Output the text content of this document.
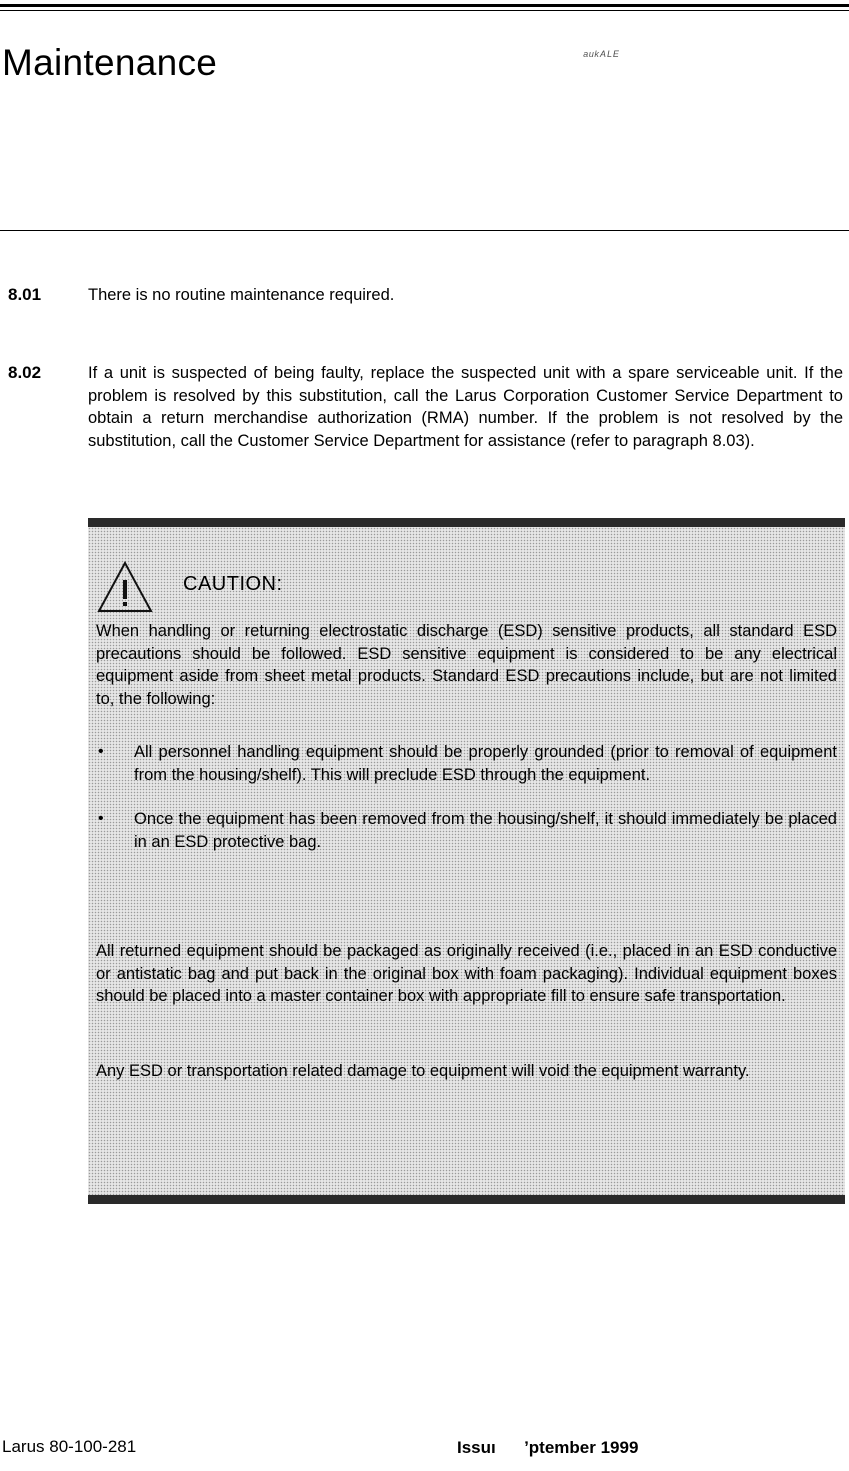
Maintenance	ᵃᵘᵏᴬᴸᴱ
8.01	There is no routine maintenance required.
8.02	If a unit is suspected of being faulty, replace the suspected unit with a spare serviceable unit. If the problem is resolved by this substitution, call the Larus Corporation Customer Service Department to obtain a return merchandise authorization (RMA) number. If the problem is not resolved by the substitution, call the Customer Service Department for assistance (refer to paragraph 8.03).
CAUTION:
When handling or returning electrostatic discharge (ESD) sensitive products, all standard ESD precautions should be followed. ESD sensitive equipment is considered to be any electrical equipment aside from sheet metal products. Standard ESD precautions include, but are not limited to, the following:
• All personnel handling equipment should be properly grounded (prior to removal of equipment from the housing/shelf). This will preclude ESD through the equipment.
• Once the equipment has been removed from the housing/shelf, it should immediately be placed in an ESD protective bag.
All returned equipment should be packaged as originally received (i.e., placed in an ESD conductive or antistatic bag and put back in the original box with foam packaging). Individual equipment boxes should be placed into a master container box with appropriate fill to ensure safe transportation.
Any ESD or transportation related damage to equipment will void the equipment warranty.
Larus 80-100-281	Issuı      ʼptember 1999
